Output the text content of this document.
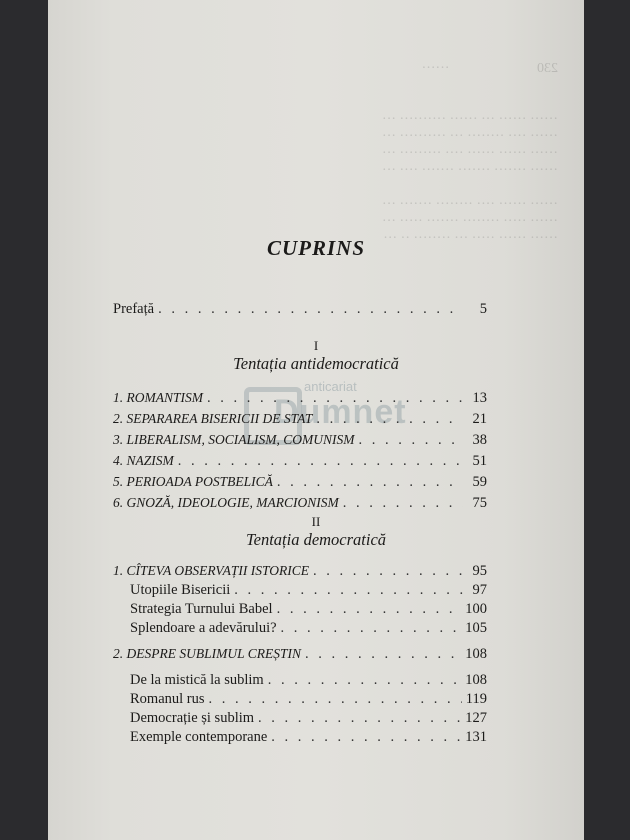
230                         ······

······ ······ ··· ······ ·········· ···
······ ···· ········ ··· ·········· ···
······ ······ ······ ···· ········· ···
······ ······· ······· ······· ···· ···

······ ······ ···· ········ ······· ···
······ ····· ········ ······· ····· ···
······ ······ ····· ··· ········ ·· ···
anticariat
Dumnet
CUPRINS
Prefață . . .	5
I
Tentația antidemocratică
1. ROMANTISM . . .	13
2. SEPARAREA BISERICII DE STAT . . .	21
3. LIBERALISM, SOCIALISM, COMUNISM . . .	38
4. NAZISM . . .	51
5. PERIOADA POSTBELICĂ . . .	59
6. GNOZĂ, IDEOLOGIE, MARCIONISM . . .	75
II
Tentația democratică
1. CÎTEVA OBSERVAȚII ISTORICE . . .	95
Utopiile Bisericii . . .	97
Strategia Turnului Babel . . .	100
Splendoare a adevărului? . . .	105
2. DESPRE SUBLIMUL CREȘTIN . . .	108
De la mistică la sublim . . .	108
Romanul rus . . .	119
Democrație și sublim . . .	127
Exemple contemporane . . .	131
